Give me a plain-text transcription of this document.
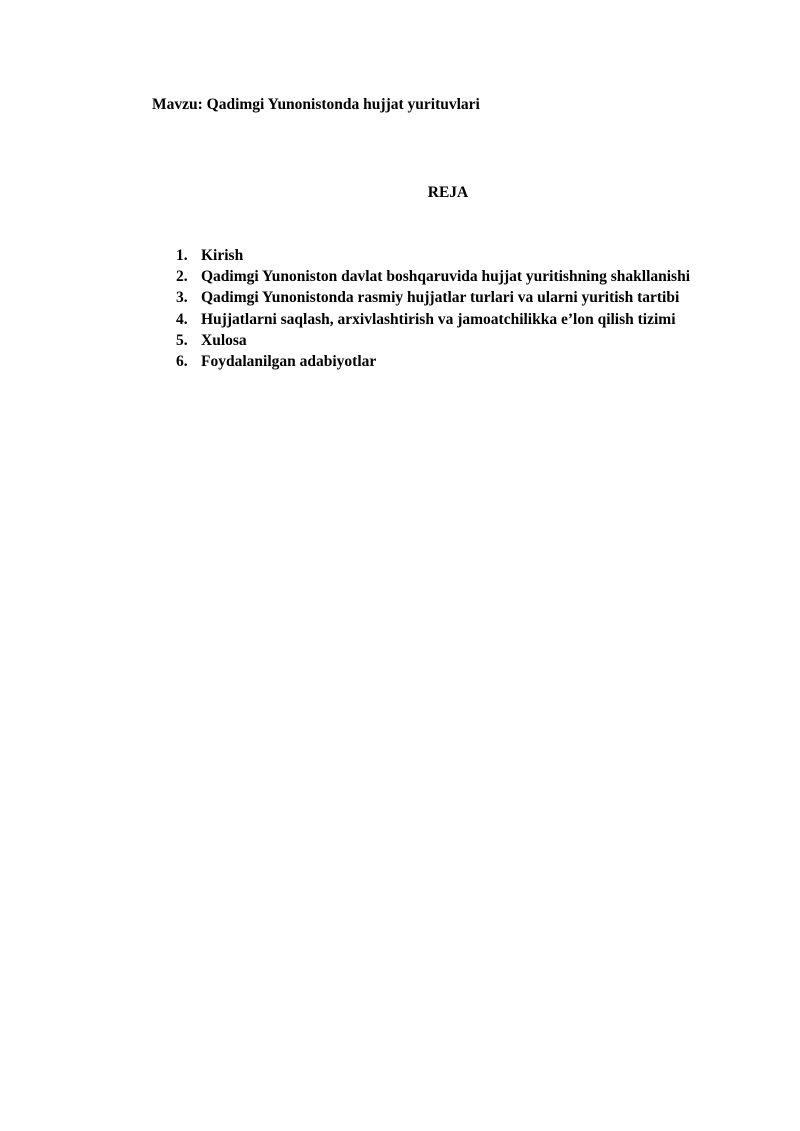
Mavzu: Qadimgi Yunonistonda hujjat yurituvlari

REJA

1. Kirish
2. Qadimgi Yunoniston davlat boshqaruvida hujjat yuritishning shakllanishi
3. Qadimgi Yunonistonda rasmiy hujjatlar turlari va ularni yuritish tartibi
4. Hujjatlarni saqlash, arxivlashtirish va jamoatchilikka e’lon qilish tizimi
5. Xulosa
6. Foydalanilgan adabiyotlar
